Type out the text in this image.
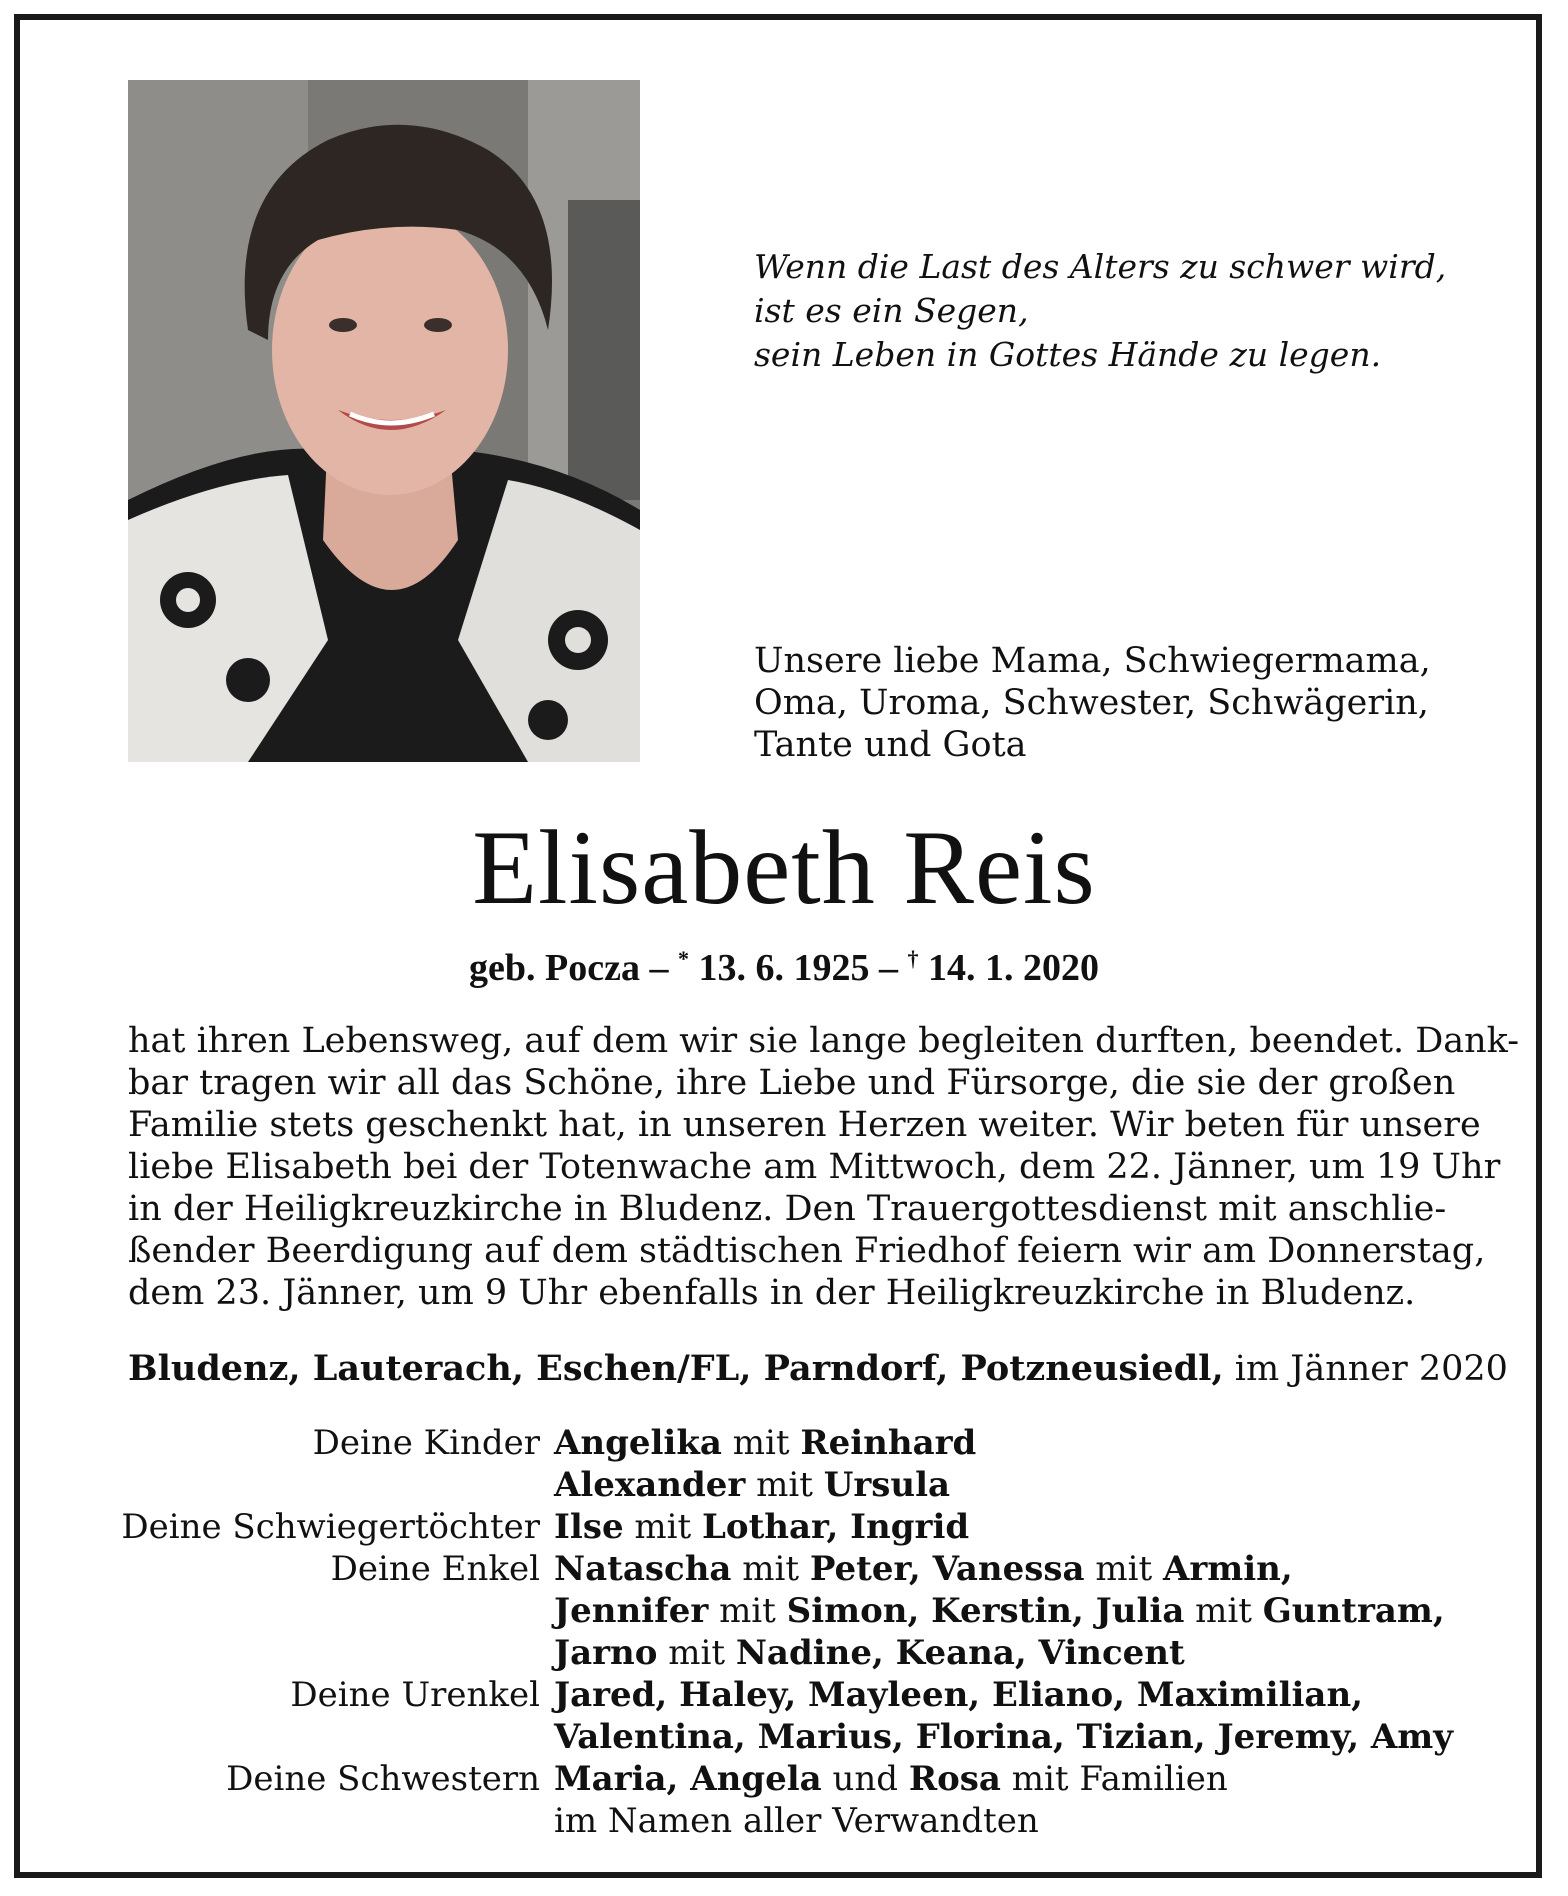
Wenn die Last des Alters zu schwer wird,
ist es ein Segen,
sein Leben in Gottes Hände zu legen.
Unsere liebe Mama, Schwiegermama,
Oma, Uroma, Schwester, Schwägerin,
Tante und Gota
Elisabeth Reis
geb. Pocza – * 13. 6. 1925 – † 14. 1. 2020
hat ihren Lebensweg, auf dem wir sie lange begleiten durften, beendet. Dank-
bar tragen wir all das Schöne, ihre Liebe und Fürsorge, die sie der großen
Familie stets geschenkt hat, in unseren Herzen weiter. Wir beten für unsere
liebe Elisabeth bei der Totenwache am Mittwoch, dem 22. Jänner, um 19 Uhr
in der Heiligkreuzkirche in Bludenz. Den Trauergottesdienst mit anschlie-
ßender Beerdigung auf dem städtischen Friedhof feiern wir am Donnerstag,
dem 23. Jänner, um 9 Uhr ebenfalls in der Heiligkreuzkirche in Bludenz.
Bludenz, Lauterach, Eschen/FL, Parndorf, Potzneusiedl, im Jänner 2020
Deine Kinder Angelika mit Reinhard
Alexander mit Ursula
Deine Schwiegertöchter Ilse mit Lothar, Ingrid
Deine Enkel Natascha mit Peter, Vanessa mit Armin,
Jennifer mit Simon, Kerstin, Julia mit Guntram,
Jarno mit Nadine, Keana, Vincent
Deine Urenkel Jared, Haley, Mayleen, Eliano, Maximilian,
Valentina, Marius, Florina, Tizian, Jeremy, Amy
Deine Schwestern Maria, Angela und Rosa mit Familien
im Namen aller Verwandten
